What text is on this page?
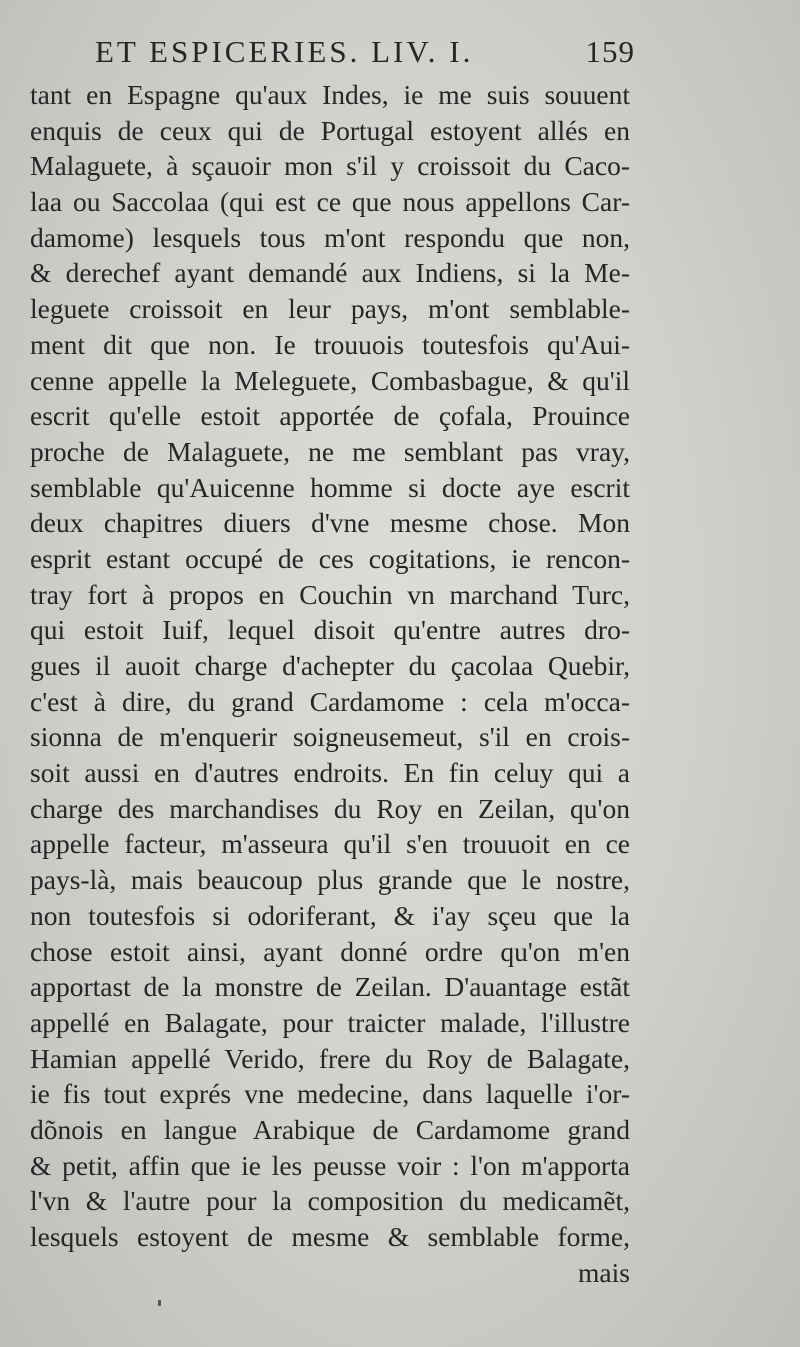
ET ESPICERIES. LIV. I.	159
tant en Espagne qu'aux Indes, ie me suis souuent
enquis de ceux qui de Portugal estoyent allés en
Malaguete, à sçauoir mon s'il y croissoit du Caco-
laa ou Saccolaa (qui est ce que nous appellons Car-
damome) lesquels tous m'ont respondu que non,
& derechef ayant demandé aux Indiens, si la Me-
leguete croissoit en leur pays, m'ont semblable-
ment dit que non. Ie trouuois toutesfois qu'Aui-
cenne appelle la Meleguete, Combasbague, & qu'il
escrit qu'elle estoit apportée de çofala, Prouince
proche de Malaguete, ne me semblant pas vray,
semblable qu'Auicenne homme si docte aye escrit
deux chapitres diuers d'vne mesme chose. Mon
esprit estant occupé de ces cogitations, ie rencon-
tray fort à propos en Couchin vn marchand Turc,
qui estoit Iuif, lequel disoit qu'entre autres dro-
gues il auoit charge d'achepter du çacolaa Quebir,
c'est à dire, du grand Cardamome : cela m'occa-
sionna de m'enquerir soigneusemeut, s'il en crois-
soit aussi en d'autres endroits. En fin celuy qui a
charge des marchandises du Roy en Zeilan, qu'on
appelle facteur, m'asseura qu'il s'en trouuoit en ce
pays-là, mais beaucoup plus grande que le nostre,
non toutesfois si odoriferant, & i'ay sçeu que la
chose estoit ainsi, ayant donné ordre qu'on m'en
apportast de la monstre de Zeilan. D'auantage estãt
appellé en Balagate, pour traicter malade, l'illustre
Hamian appellé Verido, frere du Roy de Balagate,
ie fis tout exprés vne medecine, dans laquelle i'or-
dõnois en langue Arabique de Cardamome grand
& petit, affin que ie les peusse voir : l'on m'apporta
l'vn & l'autre pour la composition du medicamẽt,
lesquels estoyent de mesme & semblable forme,
mais
